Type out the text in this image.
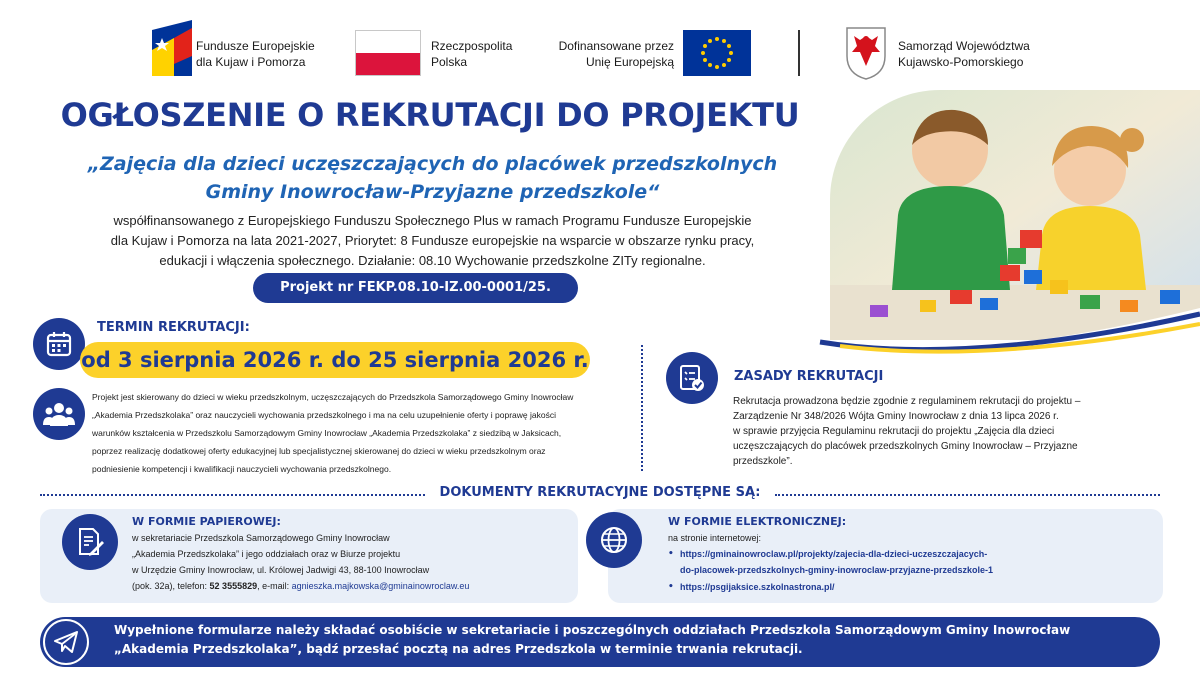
Fundusze Europejskie
dla Kujaw i Pomorza
Rzeczpospolita
Polska
Dofinansowane przez
Unię Europejską
Samorząd Województwa
Kujawsko-Pomorskiego
OGŁOSZENIE O REKRUTACJI DO PROJEKTU
„Zajęcia dla dzieci uczęszczających do placówek przedszkolnych
Gminy Inowrocław-Przyjazne przedszkole“
współfinansowanego z Europejskiego Funduszu Społecznego Plus w ramach Programu Fundusze Europejskie
dla Kujaw i Pomorza na lata 2021-2027, Priorytet: 8 Fundusze europejskie na wsparcie w obszarze rynku pracy,
edukacji i włączenia społecznego. Działanie: 08.10 Wychowanie przedszkolne ZITy regionalne.
Projekt nr FEKP.08.10-IZ.00-0001/25.
TERMIN REKRUTACJI:
od 3 sierpnia 2026 r. do 25 sierpnia 2026 r.
Projekt jest skierowany do dzieci w wieku przedszkolnym, uczęszczających do Przedszkola Samorządowego Gminy Inowrocław
„Akademia Przedszkolaka” oraz nauczycieli wychowania przedszkolnego i ma na celu uzupełnienie oferty i poprawę jakości
warunków kształcenia w Przedszkolu Samorządowym Gminy Inowrocław „Akademia Przedszkolaka” z siedzibą w Jaksicach,
poprzez realizację dodatkowej oferty edukacyjnej lub specjalistycznej skierowanej do dzieci w wieku przedszkolnym oraz
podniesienie kompetencji i kwalifikacji nauczycieli wychowania przedszkolnego.
ZASADY REKRUTACJI
Rekrutacja prowadzona będzie zgodnie z regulaminem rekrutacji do projektu –
Zarządzenie Nr 348/2026 Wójta Gminy Inowrocław z dnia 13 lipca 2026 r.
w sprawie przyjęcia Regulaminu rekrutacji do projektu „Zajęcia dla dzieci
uczęszczających do placówek przedszkolnych Gminy Inowrocław – Przyjazne
przedszkole”.
DOKUMENTY REKRUTACYJNE DOSTĘPNE SĄ:
W FORMIE PAPIEROWEJ:
w sekretariacie Przedszkola Samorządowego Gminy Inowrocław
„Akademia Przedszkolaka” i jego oddziałach oraz w Biurze projektu
w Urzędzie Gminy Inowrocław, ul. Królowej Jadwigi 43, 88-100 Inowrocław
(pok. 32a), telefon: 52 3555829, e-mail: agnieszka.majkowska@gminainowroclaw.eu
W FORMIE ELEKTRONICZNEJ:
na stronie internetowej:
• https://gminainowroclaw.pl/projekty/zajecia-dla-dzieci-uczeszczajacych-
do-placowek-przedszkolnych-gminy-inowroclaw-przyjazne-przedszkole-1
• https://psgijaksice.szkolnastrona.pl/
Wypełnione formularze należy składać osobiście w sekretariacie i poszczególnych oddziałach Przedszkola Samorządowym Gminy Inowrocław
„Akademia Przedszkolaka”, bądź przesłać pocztą na adres Przedszkola w terminie trwania rekrutacji.
